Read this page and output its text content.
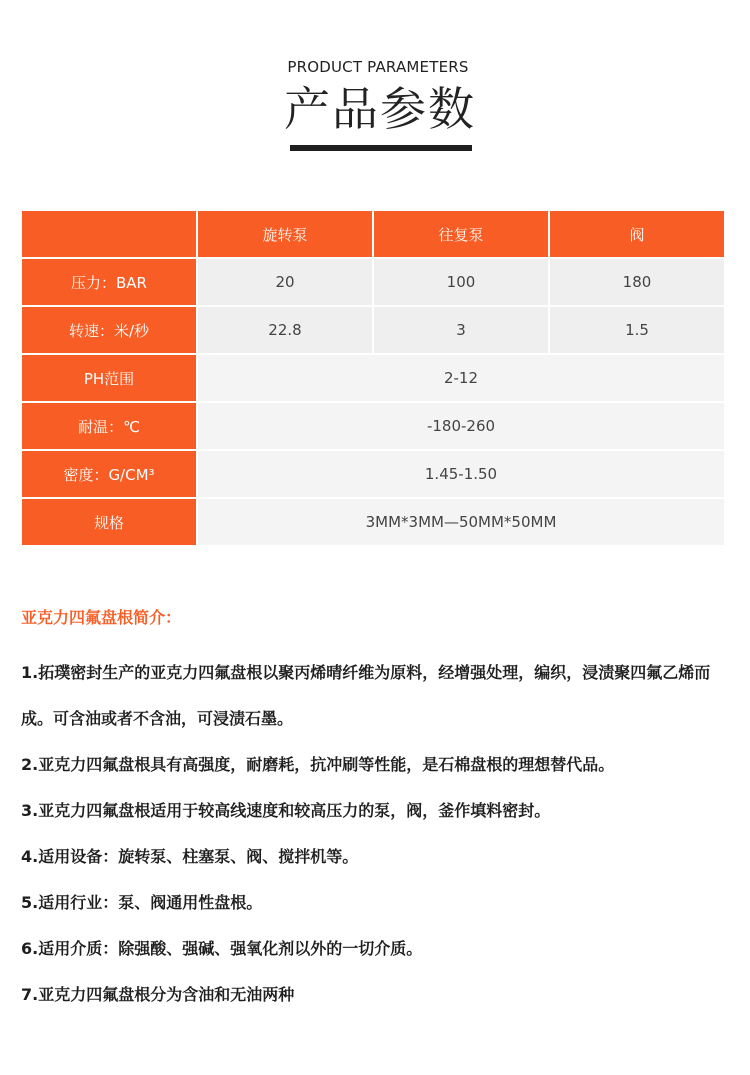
PRODUCT PARAMETERS
产品参数
	旋转泵	往复泵	阀
压力：BAR	20	100	180
转速：米/秒	22.8	3	1.5
PH范围	2-12		
耐温：℃	-180-260		
密度：G/CM³	1.45-1.50		
规格	3MM*3MM—50MM*50MM		
亚克力四氟盘根简介：
1.拓璞密封生产的亚克力四氟盘根以聚丙烯晴纤维为原料，经增强处理，编织，浸渍聚四氟乙烯而成。可含油或者不含油，可浸渍石墨。
2.亚克力四氟盘根具有高强度，耐磨耗，抗冲刷等性能，是石棉盘根的理想替代品。
3.亚克力四氟盘根适用于较高线速度和较高压力的泵，阀，釜作填料密封。
4.适用设备：旋转泵、柱塞泵、阀、搅拌机等。
5.适用行业：泵、阀通用性盘根。
6.适用介质：除强酸、强碱、强氧化剂以外的一切介质。
7.亚克力四氟盘根分为含油和无油两种
